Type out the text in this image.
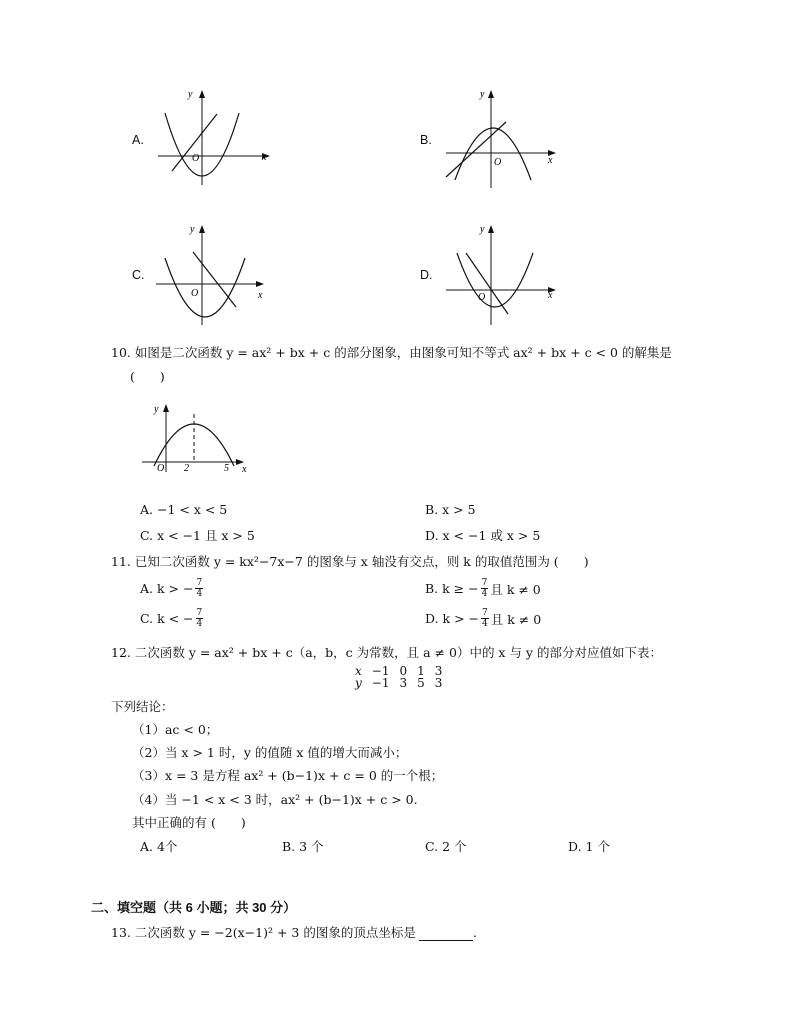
A.
x
y
O
B.
x
y
O
C.
x
y
O
D.
x
y
O
10. 如图是二次函数 y = ax² + bx + c 的部分图象，由图象可知不等式 ax² + bx + c < 0 的解集是
(　　)
y
x
O 2	5
A. −1 < x < 5	B. x > 5
C. x < −1 且 x > 5	D. x < −1 或 x > 5
11. 已知二次函数 y = kx²−7x−7 的图象与 x 轴没有交点，则 k 的取值范围为 (　　)
A. k > − $\frac{7}{4}$	B. k ≥ − $\frac{7}{4}$ 且 k ≠ 0
C. k < − $\frac{7}{4}$	D. k > − $\frac{7}{4}$ 且 k ≠ 0
12. 二次函数 y = ax² + bx + c（a，b，c 为常数，且 a ≠ 0）中的 x 与 y 的部分对应值如下表：
x	−1	0	1	3
y	−1	3	5	3
下列结论：
（1）ac < 0；
（2）当 x > 1 时，y 的值随 x 值的增大而减小；
（3）x = 3 是方程 ax² + (b−1)x + c = 0 的一个根；
（4）当 −1 < x < 3 时，ax² + (b−1)x + c > 0.
其中正确的有 (　　)
A. 4个	B. 3 个	C. 2 个	D. 1 个
二、填空题（共 6 小题；共 30 分）
13. 二次函数 y = −2(x−1)² + 3 的图象的顶点坐标是	.
